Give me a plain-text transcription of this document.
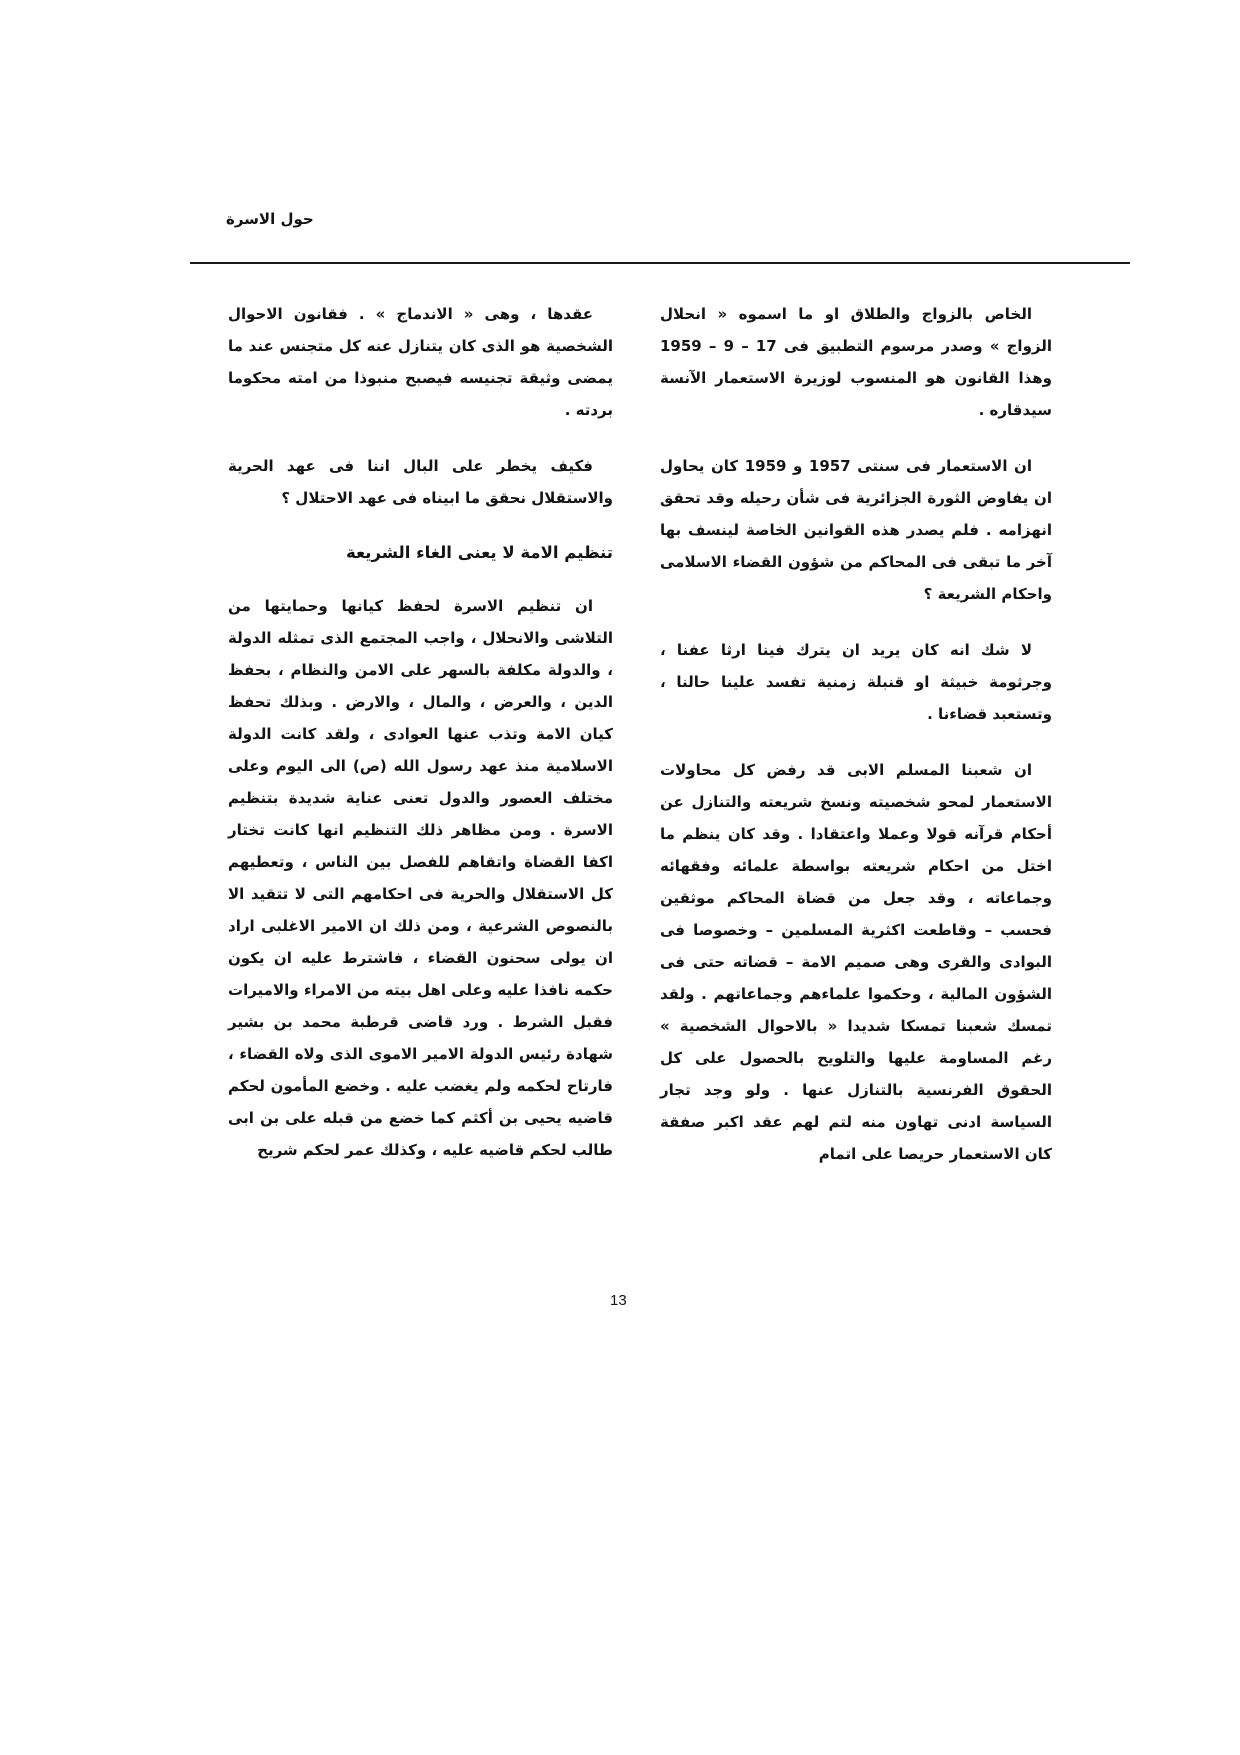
حول الاسرة

الخاص بالزواج والطلاق او ما اسموه « انحلال الزواج » وصدر مرسوم التطبيق فى 17 – 9 – 1959 وهذا القانون هو المنسوب لوزيرة الاستعمار الآنسة سيدقاره .

ان الاستعمار فى سنتى 1957 و 1959 كان يحاول ان يفاوض الثورة الجزائرية فى شأن رحيله وقد تحقق انهزامه . فلم يصدر هذه القوانين الخاصة لينسف بها آخر ما تبقى فى المحاكم من شؤون القضاء الاسلامى واحكام الشريعة ؟

لا شك انه كان يريد ان يترك فينا ارثا عفنا ، وجرثومة خبيثة او قنبلة زمنية تفسد علينا حالنا ، وتستعبد قضاءنا .

ان شعبنا المسلم الابى قد رفض كل محاولات الاستعمار لمحو شخصيته ونسخ شريعته والتنازل عن أحكام قرآنه قولا وعملا واعتقادا . وقد كان ينظم ما اختل من احكام شريعته بواسطة علمائه وفقهائه وجماعاته ، وقد جعل من قضاة المحاكم موثقين فحسب – وقاطعت اكثرية المسلمين – وخصوصا فى البوادى والقرى وهى صميم الامة – قضاته حتى فى الشؤون المالية ، وحكموا علماءهم وجماعاتهم . ولقد تمسك شعبنا تمسكا شديدا « بالاحوال الشخصية » رغم المساومة عليها والتلويح بالحصول على كل الحقوق الفرنسية بالتنازل عنها . ولو وجد تجار السياسة ادنى تهاون منه لتم لهم عقد اكبر صفقة كان الاستعمار حريصا على اتمام

عقدها ، وهى « الاندماج » . فقانون الاحوال الشخصية هو الذى كان يتنازل عنه كل متجنس عند ما يمضى وثيقة تجنيسه فيصبح منبوذا من امته محكوما بردته .

فكيف يخطر على البال اننا فى عهد الحرية والاستقلال نحقق ما ابيناه فى عهد الاحتلال ؟

تنظيم الامة لا يعنى الغاء الشريعة

ان تنظيم الاسرة لحفظ كيانها وحمايتها من التلاشى والانحلال ، واجب المجتمع الذى تمثله الدولة ، والدولة مكلفة بالسهر على الامن والنظام ، بحفظ الدين ، والعرض ، والمال ، والارض . وبذلك تحفظ كيان الامة وتذب عنها العوادى ، ولقد كانت الدولة الاسلامية منذ عهد رسول الله (ص) الى اليوم وعلى مختلف العصور والدول تعنى عناية شديدة بتنظيم الاسرة . ومن مظاهر ذلك التنظيم انها كانت تختار اكفا القضاة واتقاهم للفصل بين الناس ، وتعطيهم كل الاستقلال والحرية فى احكامهم التى لا تتقيد الا بالنصوص الشرعية ، ومن ذلك ان الامير الاغلبى اراد ان يولى سحنون القضاء ، فاشترط عليه ان يكون حكمه نافذا عليه وعلى اهل بيته من الامراء والاميرات فقبل الشرط . ورد قاضى قرطبة محمد بن بشير شهادة رئيس الدولة الامير الاموى الذى ولاه القضاء ، فارتاح لحكمه ولم يغضب عليه . وخضع المأمون لحكم قاضيه يحيى بن أكثم كما خضع من قبله على بن ابى طالب لحكم قاضيه عليه ، وكذلك عمر لحكم شريح

13
